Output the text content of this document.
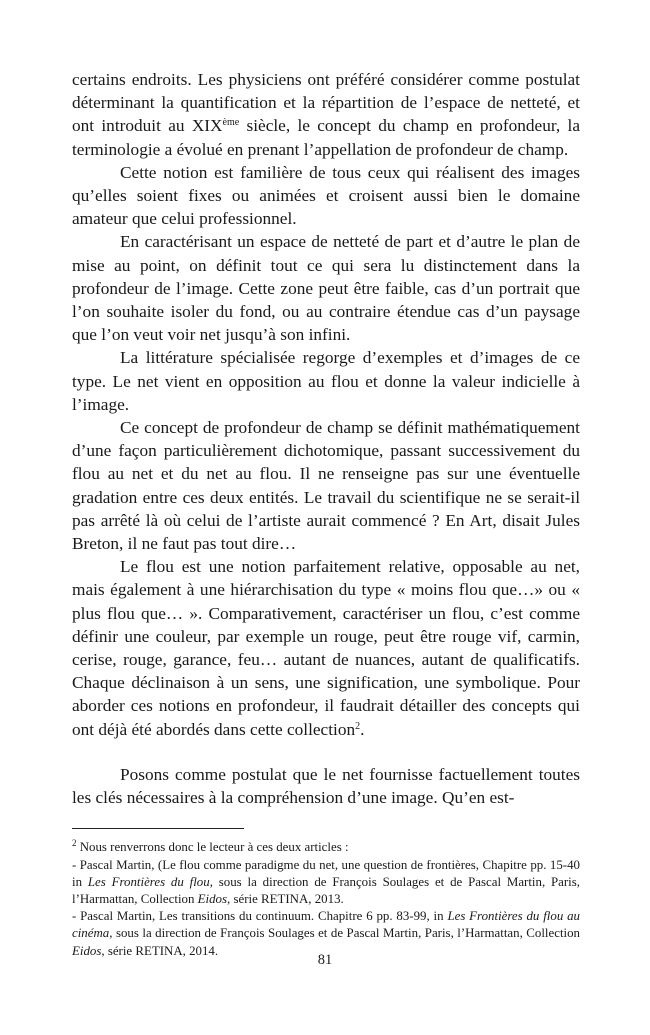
certains endroits. Les physiciens ont préféré considérer comme postulat déterminant la quantification et la répartition de l’espace de netteté, et ont introduit au XIXème siècle, le concept du champ en profondeur, la terminologie a évolué en prenant l’appellation de profondeur de champ.

Cette notion est familière de tous ceux qui réalisent des images qu’elles soient fixes ou animées et croisent aussi bien le domaine amateur que celui professionnel.

En caractérisant un espace de netteté de part et d’autre le plan de mise au point, on définit tout ce qui sera lu distinctement dans la profondeur de l’image. Cette zone peut être faible, cas d’un portrait que l’on souhaite isoler du fond, ou au contraire étendue cas d’un paysage que l’on veut voir net jusqu’à son infini.

La littérature spécialisée regorge d’exemples et d’images de ce type. Le net vient en opposition au flou et donne la valeur indicielle à l’image.

Ce concept de profondeur de champ se définit mathématiquement d’une façon particulièrement dichotomique, passant successivement du flou au net et du net au flou. Il ne renseigne pas sur une éventuelle gradation entre ces deux entités. Le travail du scientifique ne se serait-il pas arrêté là où celui de l’artiste aurait commencé ? En Art, disait Jules Breton, il ne faut pas tout dire…

Le flou est une notion parfaitement relative, opposable au net, mais également à une hiérarchisation du type « moins flou que…» ou « plus flou que… ». Comparativement, caractériser un flou, c’est comme définir une couleur, par exemple un rouge, peut être rouge vif, carmin, cerise, rouge, garance, feu… autant de nuances, autant de qualificatifs. Chaque déclinaison à un sens, une signification, une symbolique. Pour aborder ces notions en profondeur, il faudrait détailler des concepts qui ont déjà été abordés dans cette collection$^2$.

Posons comme postulat que le net fournisse factuellement toutes les clés nécessaires à la compréhension d’une image. Qu’en est-

$^2$ Nous renverrons donc le lecteur à ces deux articles :

- Pascal Martin, (Le flou comme paradigme du net, une question de frontières, Chapitre pp. 15-40 in Les Frontières du flou, sous la direction de François Soulages et de Pascal Martin, Paris, l’Harmattan, Collection Eidos, série RETINA, 2013.

- Pascal Martin, Les transitions du continuum. Chapitre 6 pp. 83-99, in Les Frontières du flou au cinéma, sous la direction de François Soulages et de Pascal Martin, Paris, l’Harmattan, Collection Eidos, série RETINA, 2014.

81
